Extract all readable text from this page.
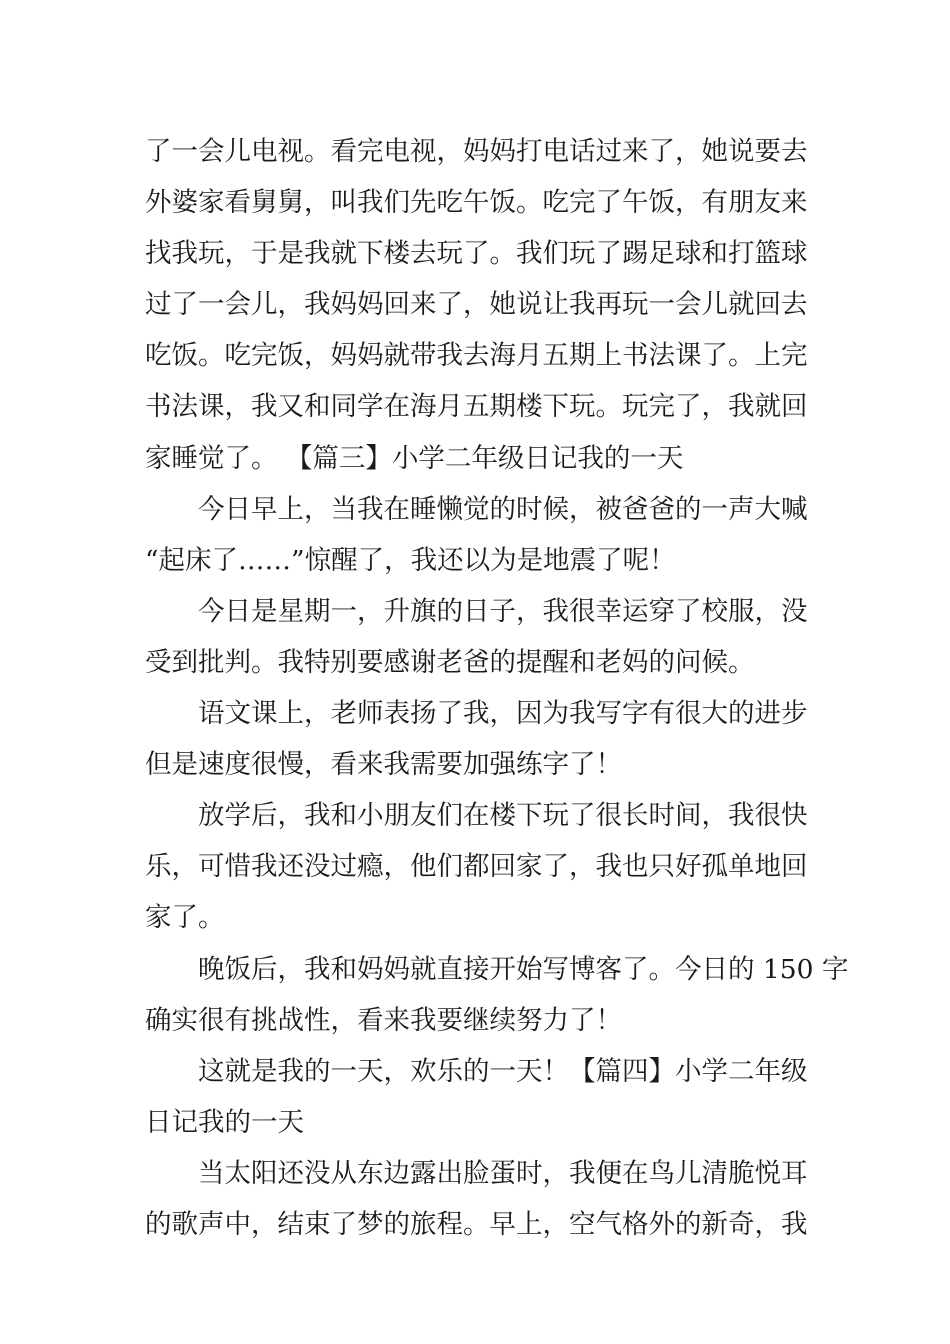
了一会儿电视。看完电视，妈妈打电话过来了，她说要去
外婆家看舅舅，叫我们先吃午饭。吃完了午饭，有朋友来
找我玩，于是我就下楼去玩了。我们玩了踢足球和打篮球
过了一会儿，我妈妈回来了，她说让我再玩一会儿就回去
吃饭。吃完饭，妈妈就带我去海月五期上书法课了。上完
书法课，我又和同学在海月五期楼下玩。玩完了，我就回
家睡觉了。 【篇三】小学二年级日记我的一天
今日早上，当我在睡懒觉的时候，被爸爸的一声大喊
“起床了……”惊醒了，我还以为是地震了呢！
今日是星期一，升旗的日子，我很幸运穿了校服，没
受到批判。我特别要感谢老爸的提醒和老妈的问候。
语文课上，老师表扬了我，因为我写字有很大的进步
但是速度很慢，看来我需要加强练字了！
放学后，我和小朋友们在楼下玩了很长时间，我很快
乐，可惜我还没过瘾，他们都回家了，我也只好孤单地回
家了。
晚饭后，我和妈妈就直接开始写博客了。今日的 150 字
确实很有挑战性，看来我要继续努力了！
这就是我的一天，欢乐的一天！【篇四】小学二年级
日记我的一天
当太阳还没从东边露出脸蛋时，我便在鸟儿清脆悦耳
的歌声中，结束了梦的旅程。早上，空气格外的新奇，我
